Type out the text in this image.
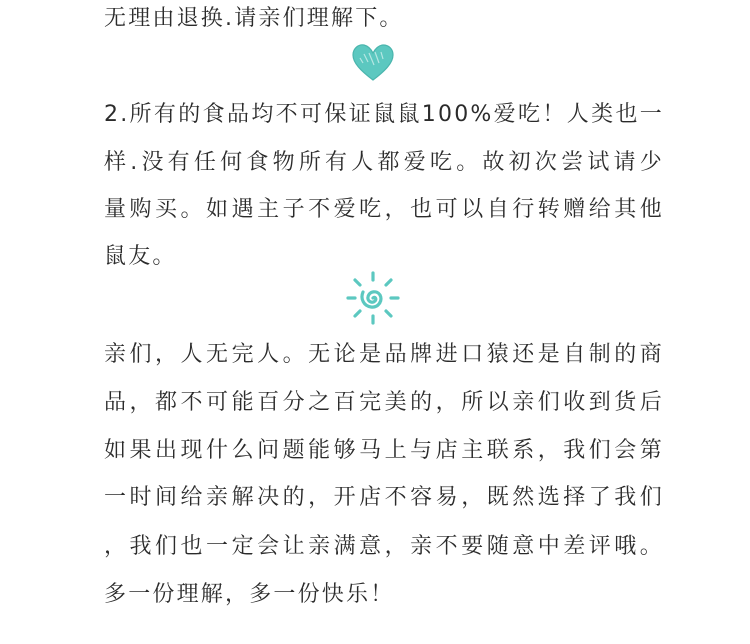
无理由退换.请亲们理解下。
2.所有的食品均不可保证鼠鼠100%爱吃！人类也一
样.没有任何食物所有人都爱吃。故初次尝试请少
量购买。如遇主子不爱吃，也可以自行转赠给其他
鼠友。
亲们，人无完人。无论是品牌进口猿还是自制的商
品，都不可能百分之百完美的，所以亲们收到货后
如果出现什么问题能够马上与店主联系，我们会第
一时间给亲解决的，开店不容易，既然选择了我们
，我们也一定会让亲满意，亲不要随意中差评哦。
多一份理解，多一份快乐！
